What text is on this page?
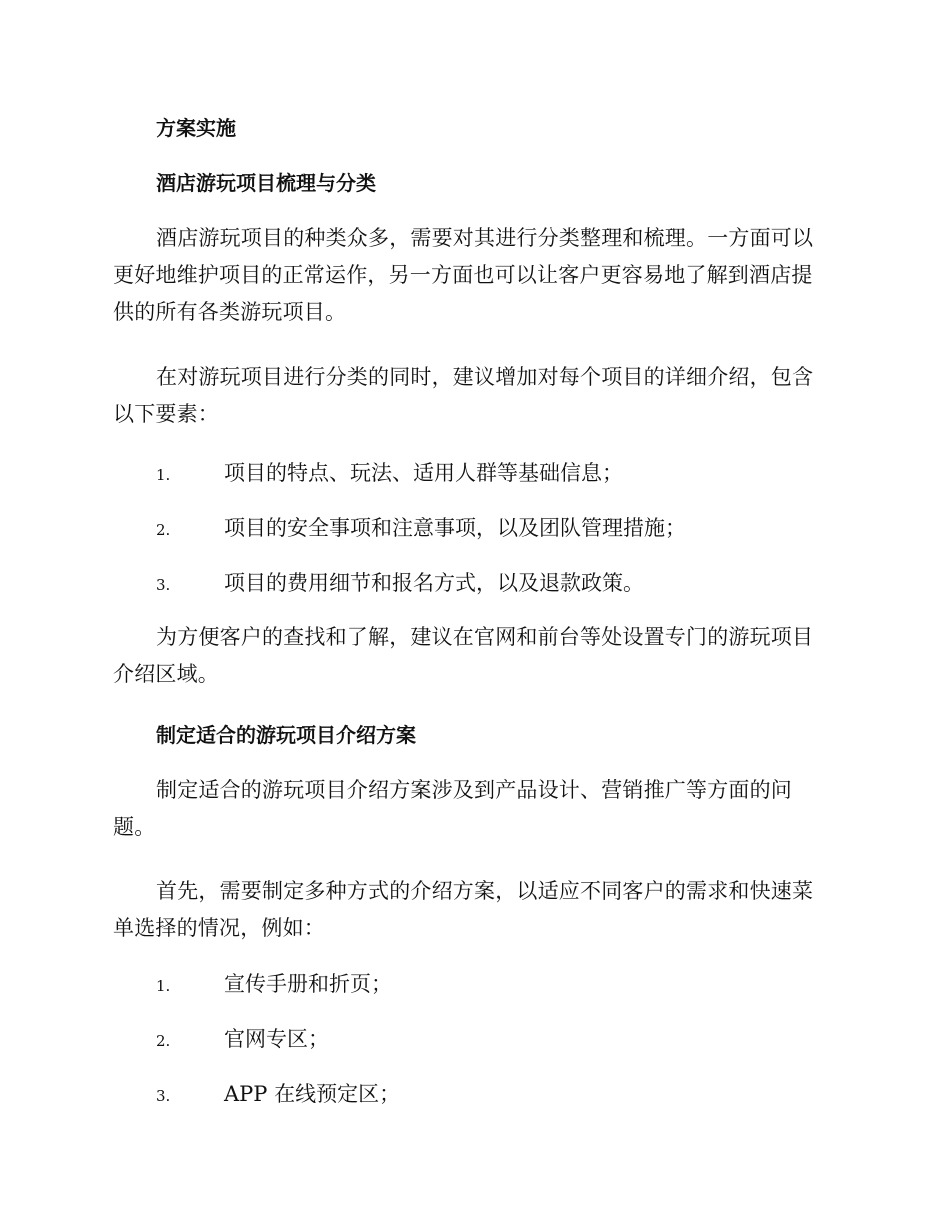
方案实施
酒店游玩项目梳理与分类

酒店游玩项目的种类众多，需要对其进行分类整理和梳理。一方面可以更好地维护项目的正常运作，另一方面也可以让客户更容易地了解到酒店提供的所有各类游玩项目。

在对游玩项目进行分类的同时，建议增加对每个项目的详细介绍，包含以下要素：

1.	项目的特点、玩法、适用人群等基础信息；
2.	项目的安全事项和注意事项，以及团队管理措施；
3.	项目的费用细节和报名方式，以及退款政策。

为方便客户的查找和了解，建议在官网和前台等处设置专门的游玩项目介绍区域。

制定适合的游玩项目介绍方案

制定适合的游玩项目介绍方案涉及到产品设计、营销推广等方面的问题。

首先，需要制定多种方式的介绍方案，以适应不同客户的需求和快速菜单选择的情况，例如：

1.	宣传手册和折页；
2.	官网专区；
3.	APP 在线预定区；
